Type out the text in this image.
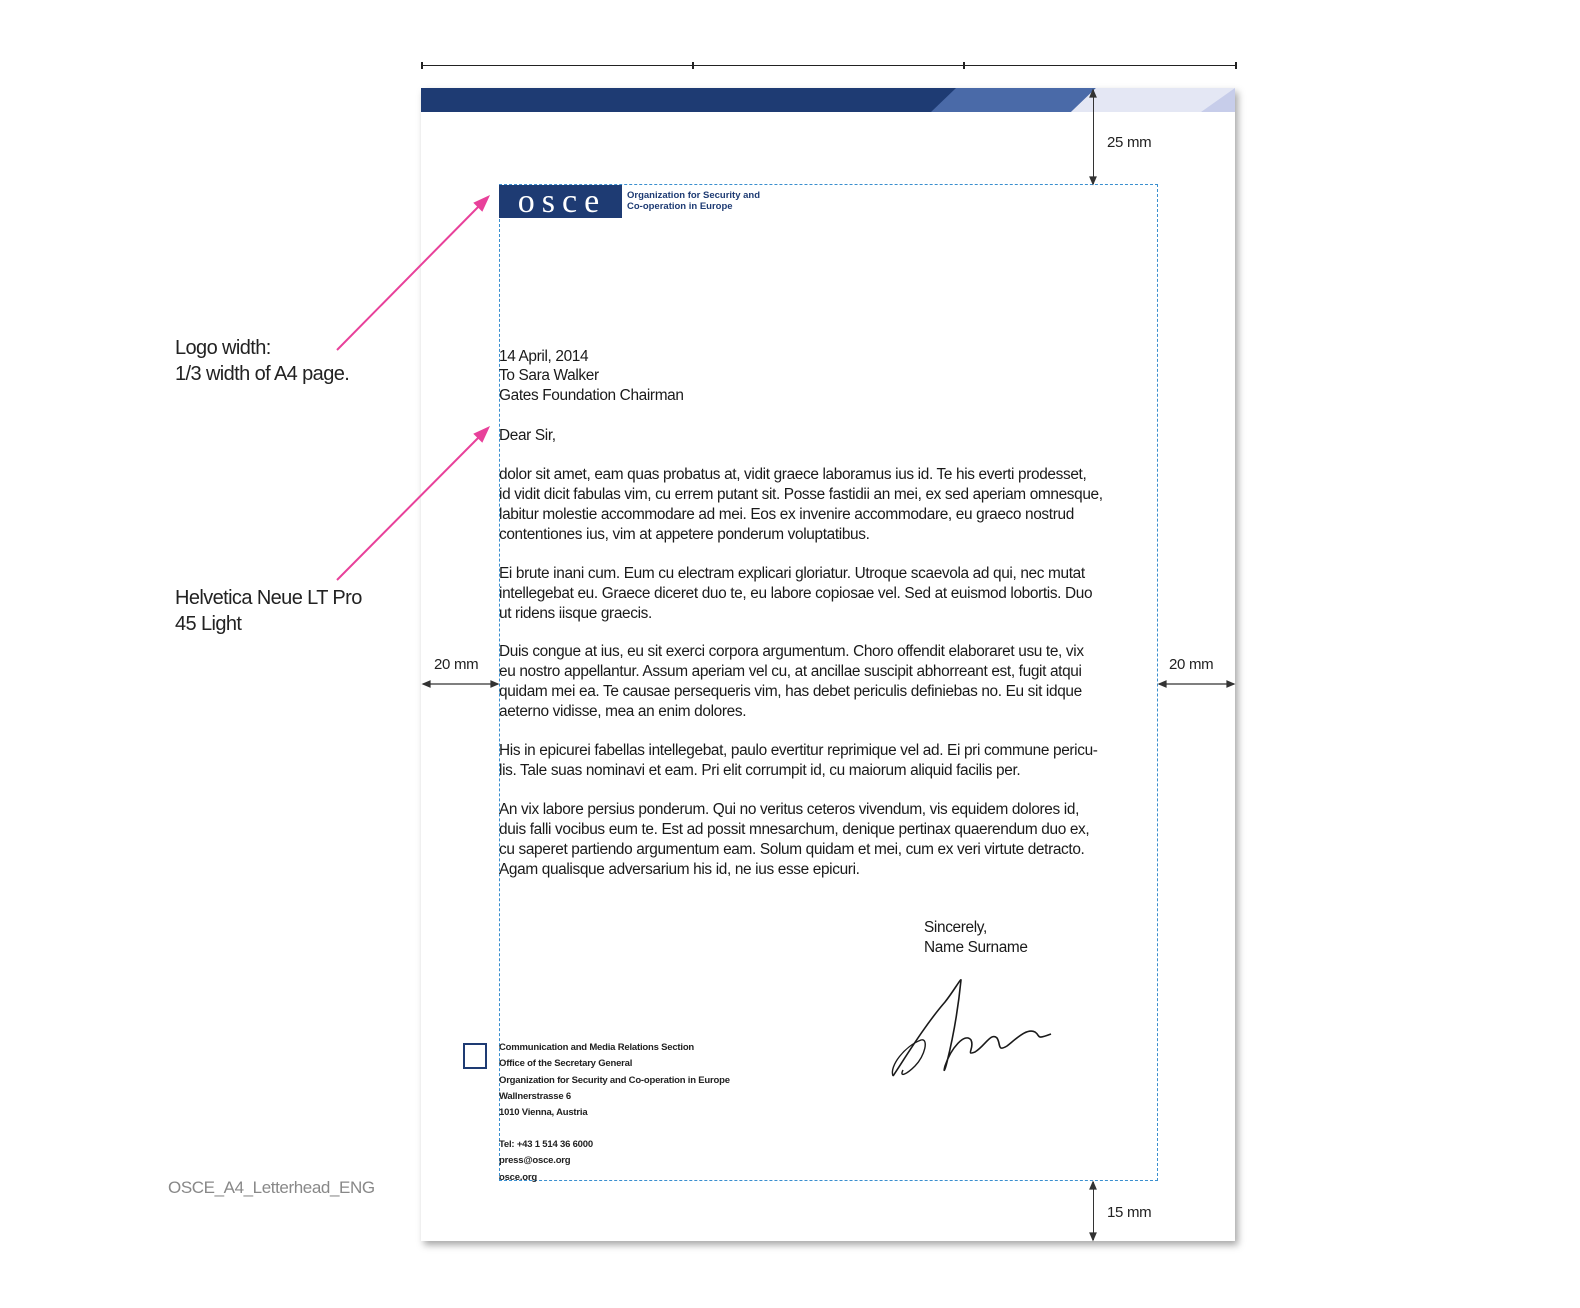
25 mm
15 mm
20 mm	20 mm
osce	Organization for Security and
Co-operation in Europe
Logo width:
1/3 width of A4 page.
Helvetica Neue LT Pro
45 Light
14 April, 2014
To Sara Walker
Gates Foundation Chairman
Dear Sir,
dolor sit amet, eam quas probatus at, vidit graece laboramus ius id. Te his everti prodesset,
id vidit dicit fabulas vim, cu errem putant sit. Posse fastidii an mei, ex sed aperiam omnesque,
labitur molestie accommodare ad mei. Eos ex invenire accommodare, eu graeco nostrud
contentiones ius, vim at appetere ponderum voluptatibus.
Ei brute inani cum. Eum cu electram explicari gloriatur. Utroque scaevola ad qui, nec mutat
intellegebat eu. Graece diceret duo te, eu labore copiosae vel. Sed at euismod lobortis. Duo
ut ridens iisque graecis.
Duis congue at ius, eu sit exerci corpora argumentum. Choro offendit elaboraret usu te, vix
eu nostro appellantur. Assum aperiam vel cu, at ancillae suscipit abhorreant est, fugit atqui
quidam mei ea. Te causae persequeris vim, has debet periculis definiebas no. Eu sit idque
aeterno vidisse, mea an enim dolores.
His in epicurei fabellas intellegebat, paulo evertitur reprimique vel ad. Ei pri commune pericu-
lis. Tale suas nominavi et eam. Pri elit corrumpit id, cu maiorum aliquid facilis per.
An vix labore persius ponderum. Qui no veritus ceteros vivendum, vis equidem dolores id,
duis falli vocibus eum te. Est ad possit mnesarchum, denique pertinax quaerendum duo ex,
cu saperet partiendo argumentum eam. Solum quidam et mei, cum ex veri virtute detracto.
Agam qualisque adversarium his id, ne ius esse epicuri.
Sincerely,
Name Surname
Communication and Media Relations Section
Office of the Secretary General
Organization for Security and Co-operation in Europe
Wallnerstrasse 6
1010 Vienna, Austria
Tel: +43 1 514 36 6000
press@osce.org
osce.org
OSCE_A4_Letterhead_ENG
